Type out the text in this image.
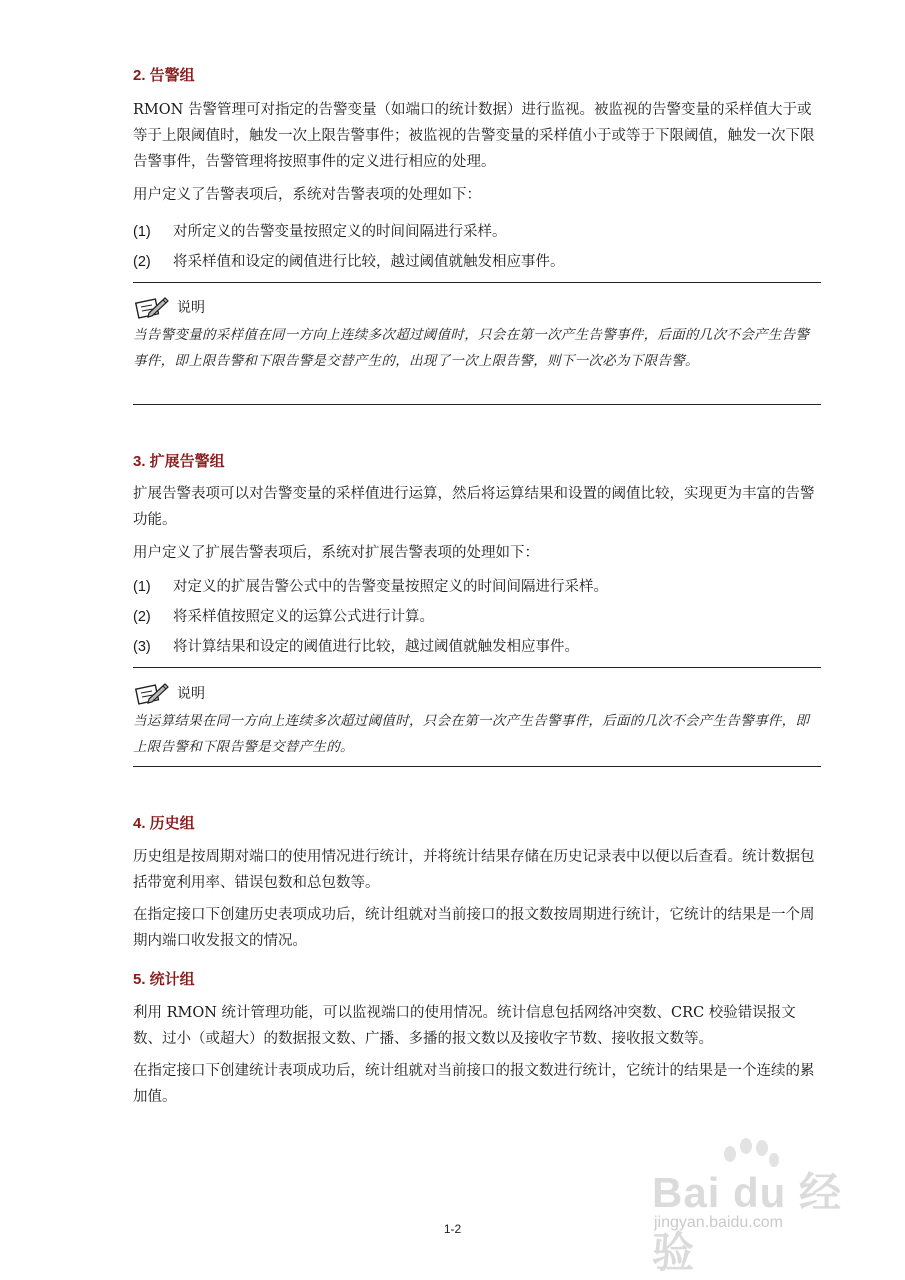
2. 告警组

RMON 告警管理可对指定的告警变量（如端口的统计数据）进行监视。被监视的告警变量的采样值大于或等于上限阈值时，触发一次上限告警事件；被监视的告警变量的采样值小于或等于下限阈值，触发一次下限告警事件，告警管理将按照事件的定义进行相应的处理。

用户定义了告警表项后，系统对告警表项的处理如下：

(1) 对所定义的告警变量按照定义的时间间隔进行采样。
(2) 将采样值和设定的阈值进行比较，越过阈值就触发相应事件。
说明

当告警变量的采样值在同一方向上连续多次超过阈值时，只会在第一次产生告警事件，后面的几次不会产生告警事件，即上限告警和下限告警是交替产生的，出现了一次上限告警，则下一次必为下限告警。

3. 扩展告警组

扩展告警表项可以对告警变量的采样值进行运算，然后将运算结果和设置的阈值比较，实现更为丰富的告警功能。

用户定义了扩展告警表项后，系统对扩展告警表项的处理如下：

(1) 对定义的扩展告警公式中的告警变量按照定义的时间间隔进行采样。
(2) 将采样值按照定义的运算公式进行计算。
(3) 将计算结果和设定的阈值进行比较，越过阈值就触发相应事件。
说明

当运算结果在同一方向上连续多次超过阈值时，只会在第一次产生告警事件，后面的几次不会产生告警事件，即上限告警和下限告警是交替产生的。

4. 历史组

历史组是按周期对端口的使用情况进行统计，并将统计结果存储在历史记录表中以便以后查看。统计数据包括带宽利用率、错误包数和总包数等。

在指定接口下创建历史表项成功后，统计组就对当前接口的报文数按周期进行统计，它统计的结果是一个周期内端口收发报文的情况。

5. 统计组

利用 RMON 统计管理功能，可以监视端口的使用情况。统计信息包括网络冲突数、CRC 校验错误报文数、过小（或超大）的数据报文数、广播、多播的报文数以及接收字节数、接收报文数等。

在指定接口下创建统计表项成功后，统计组就对当前接口的报文数进行统计，它统计的结果是一个连续的累加值。

1-2
Bai du 经验
jingyan.baidu.com
